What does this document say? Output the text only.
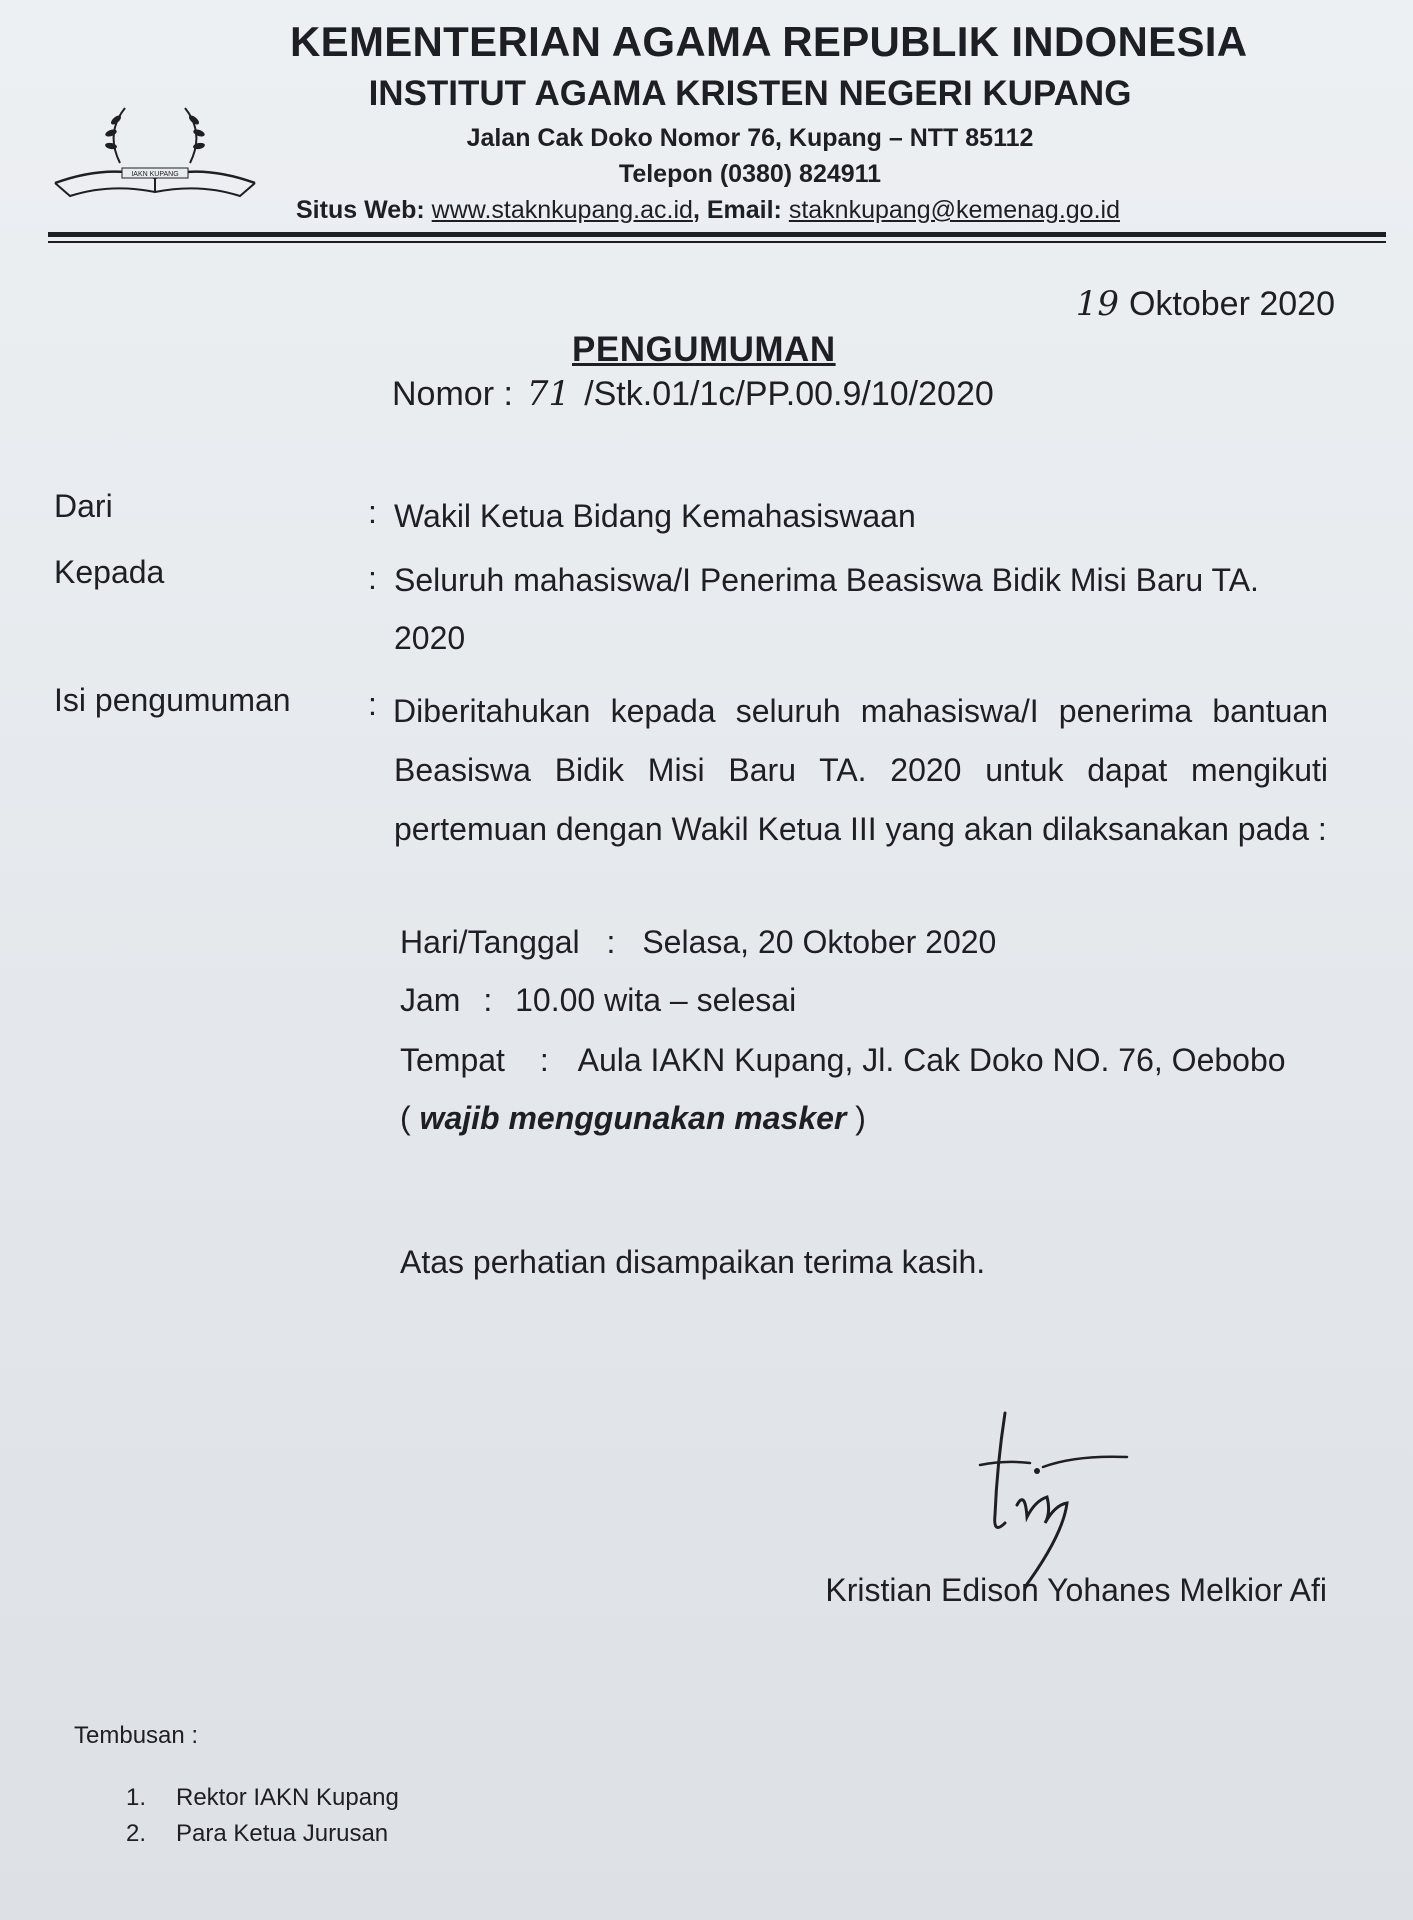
IAKN KUPANG
KEMENTERIAN AGAMA REPUBLIK INDONESIA
INSTITUT AGAMA KRISTEN NEGERI KUPANG
Jalan Cak Doko Nomor 76, Kupang – NTT 85112
Telepon (0380) 824911
Situs Web: www.staknkupang.ac.id, Email: staknkupang@kemenag.go.id
19 Oktober 2020
PENGUMUMAN
Nomor : 71 /Stk.01/1c/PP.00.9/10/2020
Dari	: Wakil Ketua Bidang Kemahasiswaan
Kepada	: Seluruh mahasiswa/I Penerima Beasiswa Bidik Misi Baru TA.
2020
Isi pengumuman : Diberitahukan kepada seluruh mahasiswa/I penerima bantuan Beasiswa Bidik Misi Baru TA. 2020 untuk dapat mengikuti pertemuan dengan Wakil Ketua III yang akan dilaksanakan pada :
Hari/Tanggal : Selasa, 20 Oktober 2020
Jam : 10.00 wita – selesai
Tempat : Aula IAKN Kupang, Jl. Cak Doko NO. 76, Oebobo
( wajib menggunakan masker )
Atas perhatian disampaikan terima kasih.
Kristian Edison Yohanes Melkior Afi
Tembusan :
1. Rektor IAKN Kupang
2. Para Ketua Jurusan
